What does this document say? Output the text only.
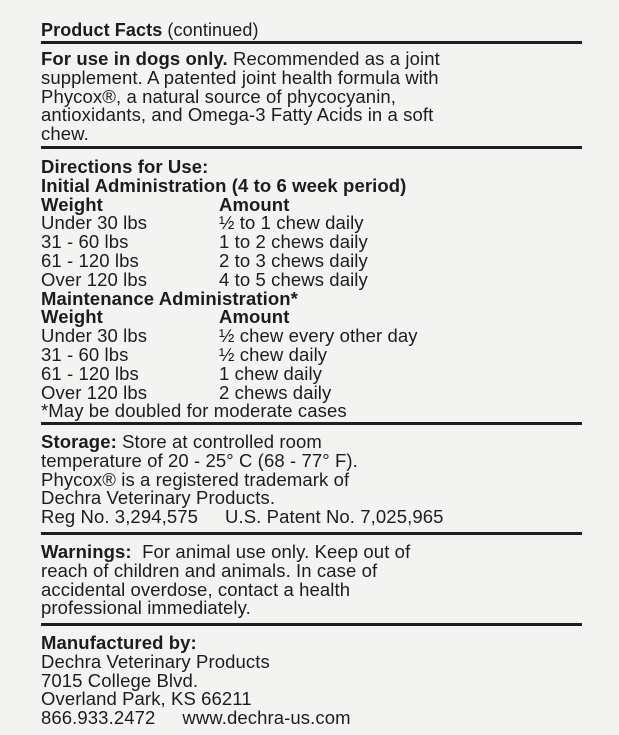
Product Facts (continued)
For use in dogs only. Recommended as a joint
supplement. A patented joint health formula with
Phycox®, a natural source of phycocyanin,
antioxidants, and Omega-3 Fatty Acids in a soft
chew.
Directions for Use:
Initial Administration (4 to 6 week period)
Weight	Amount
Under 30 lbs	½ to 1 chew daily
31 - 60 lbs	1 to 2 chews daily
61 - 120 lbs	2 to 3 chews daily
Over 120 lbs	4 to 5 chews daily
Maintenance Administration*
Weight	Amount
Under 30 lbs	½ chew every other day
31 - 60 lbs	½ chew daily
61 - 120 lbs	1 chew daily
Over 120 lbs	2 chews daily
*May be doubled for moderate cases
Storage: Store at controlled room
temperature of 20 - 25° C (68 - 77° F).
Phycox® is a registered trademark of
Dechra Veterinary Products.
Reg No. 3,294,575 U.S. Patent No. 7,025,965
Warnings:  For animal use only. Keep out of
reach of children and animals. In case of
accidental overdose, contact a health
professional immediately.
Manufactured by:
Dechra Veterinary Products
7015 College Blvd.
Overland Park, KS 66211
866.933.2472 www.dechra-us.com
